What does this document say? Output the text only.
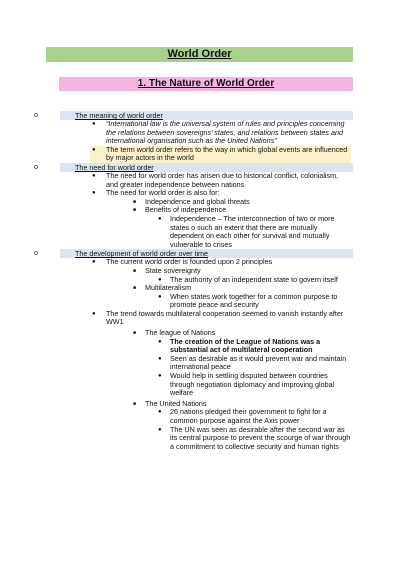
World Order
1. The Nature of World Order
o	The meaning of world order
● “International law is the universal system of rules and principles concerning the relations between sovereigns’ states, and relations between states and international organisation such as the United Nations”
● The term world order refers to the way in which global events are influenced by major actors in the world
o	The need for world order
● The need for world order has arisen due to historical conflict, colonialism, and greater independence between nations
● The need for world order is also for:
■ Independence and global threats
■ Benefits of independence
● Independence – The interconnection of two or more states o such an extent that there are mutually dependent on each other for survival and mutually vulnerable to crises
o	The development of world order over time
● The current world order is founded upon 2 principles
■ State sovereignty
● The authority of an independent state to govern itself
■ Multilateralism
● When states work together for a common purpose to promote peace and security
● The trend towards multilateral cooperation seemed to vanish instantly after WW1
■ The league of Nations
● The creation of the League of Nations was a substantial act of multilateral cooperation
● Seen as desirable as it would prevent war and maintain international peace
● Would help in settling disputed between countries through negotiation diplomacy and improving global welfare
■ The United Nations
● 26 nations pledged their government to fight for a common purpose against the Axis power
● The UN was seen as desirable after the second war as its central purpose to prevent the scourge of war through a commitment to collective security and human rights
